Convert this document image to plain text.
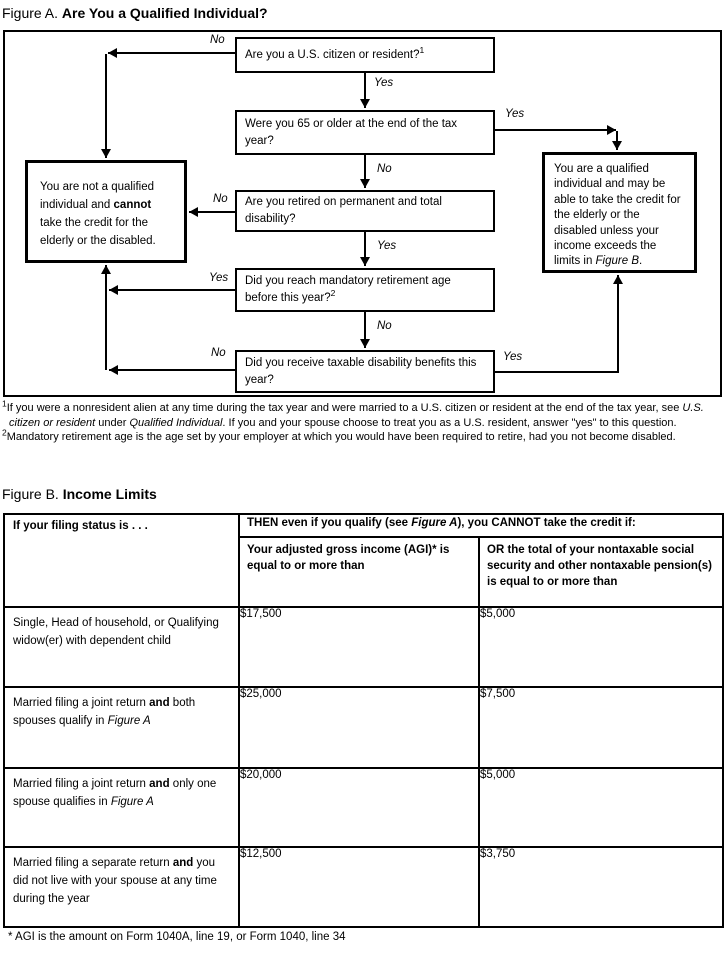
Figure A. Are You a Qualified Individual?
Are you a U.S. citizen or resident?$^1$
Were you 65 or older at the end of the tax year?
Are you retired on permanent and total disability?
Did you reach mandatory retirement age before this year?$^2$
Did you receive taxable disability benefits this year?
You are not a qualified individual and cannot take the credit for the elderly or the disabled.
You are a qualified individual and may be able to take the credit for the elderly or the disabled unless your income exceeds the limits in Figure B.
No
Yes
Yes
No
No
Yes
Yes
No
No	Yes
$^1$If you were a nonresident alien at any time during the tax year and were married to a U.S. citizen or resident at the end of the tax year, see U.S. citizen or resident under Qualified Individual. If you and your spouse choose to treat you as a U.S. resident, answer "yes" to this question.
$^2$Mandatory retirement age is the age set by your employer at which you would have been required to retire, had you not become disabled.
Figure B. Income Limits
If your filing status is . . .	THEN even if you qualify (see Figure A), you CANNOT take the credit if:	
	Your adjusted gross income (AGI)* is equal to or more than	OR the total of your nontaxable social security and other nontaxable pension(s) is equal to or more than
Single, Head of household, or Qualifying widow(er) with dependent child	$17,500	$5,000
Married filing a joint return and both spouses qualify in Figure A	$25,000	$7,500
Married filing a joint return and only one spouse qualifies in Figure A	$20,000	$5,000
Married filing a separate return and you did not live with your spouse at any time during the year	$12,500	$3,750
* AGI is the amount on Form 1040A, line 19, or Form 1040, line 34
